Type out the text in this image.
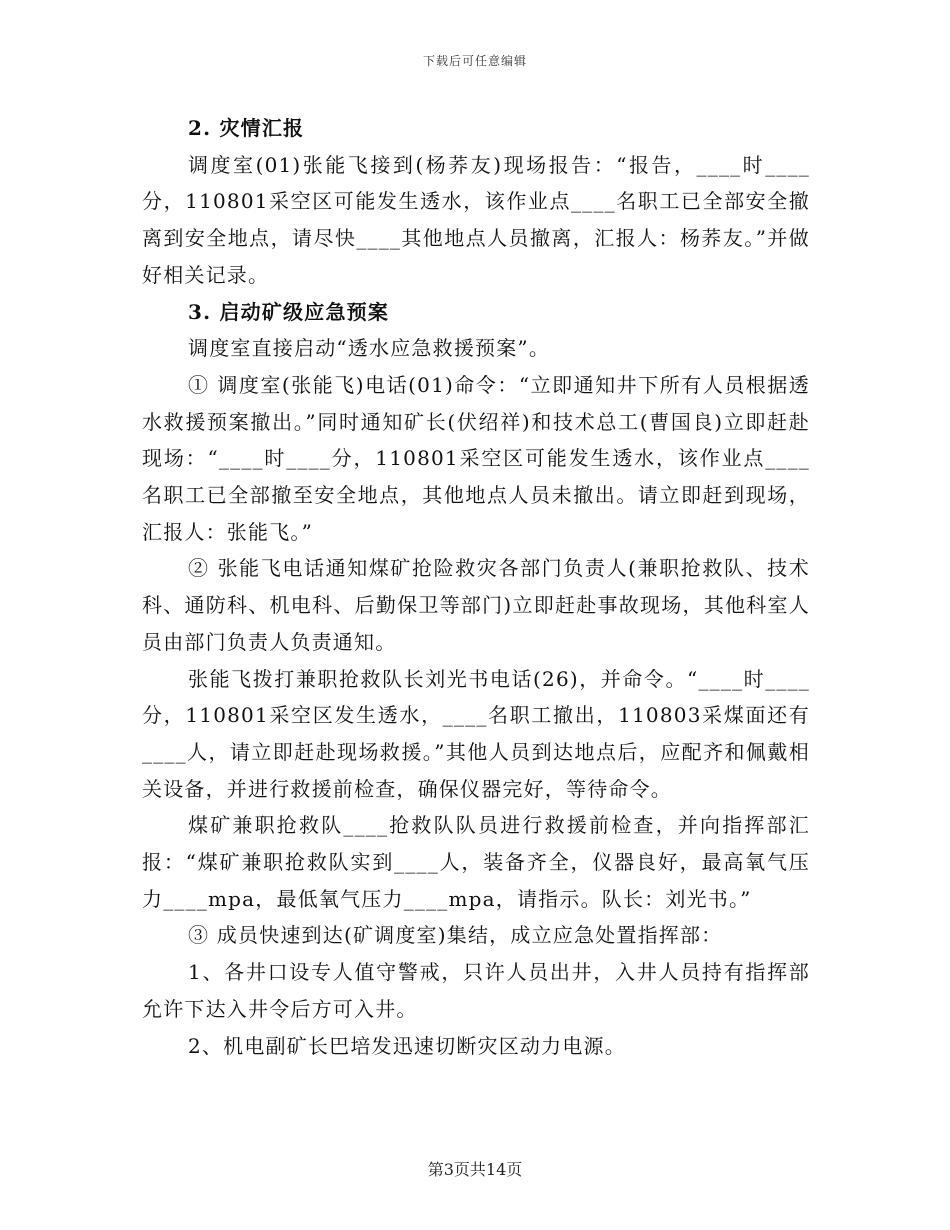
下载后可任意编辑

2. 灾情汇报

调度室(01)张能飞接到(杨荞友)现场报告：“报告，____时____分，110801采空区可能发生透水，该作业点____名职工已全部安全撤离到安全地点，请尽快____其他地点人员撤离，汇报人：杨荞友。”并做好相关记录。

3. 启动矿级应急预案

调度室直接启动“透水应急救援预案”。

① 调度室(张能飞)电话(01)命令：“立即通知井下所有人员根据透水救援预案撤出。”同时通知矿长(伏绍祥)和技术总工(曹国良)立即赶赴现场：“____时____分，110801采空区可能发生透水，该作业点____名职工已全部撤至安全地点，其他地点人员未撤出。请立即赶到现场，汇报人：张能飞。”

② 张能飞电话通知煤矿抢险救灾各部门负责人(兼职抢救队、技术科、通防科、机电科、后勤保卫等部门)立即赶赴事故现场，其他科室人员由部门负责人负责通知。

张能飞拨打兼职抢救队长刘光书电话(26)，并命令。“____时____分，110801采空区发生透水，____名职工撤出，110803采煤面还有____人，请立即赶赴现场救援。”其他人员到达地点后，应配齐和佩戴相关设备，并进行救援前检查，确保仪器完好，等待命令。

煤矿兼职抢救队____抢救队队员进行救援前检查，并向指挥部汇报：“煤矿兼职抢救队实到____人，装备齐全，仪器良好，最高氧气压力____mpa，最低氧气压力____mpa，请指示。队长：刘光书。”

③ 成员快速到达(矿调度室)集结，成立应急处置指挥部：

1、各井口设专人值守警戒，只许人员出井，入井人员持有指挥部允许下达入井令后方可入井。

2、机电副矿长巴培发迅速切断灾区动力电源。

第3页共14页
